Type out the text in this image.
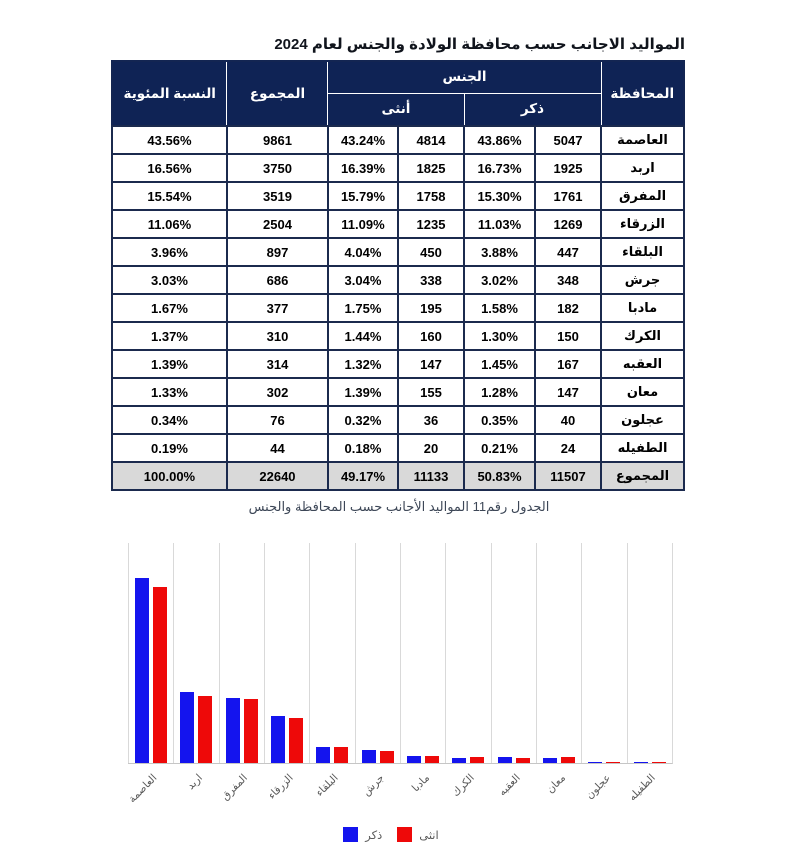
المواليد الاجانب حسب محافظة الولادة والجنس لعام 2024
المحافظة	الجنس				المجموع	النسبة المئوية
	ذكر		أنثى			
العاصمة	5047	43.86%	4814	43.24%	9861	43.56%
اربد	1925	16.73%	1825	16.39%	3750	16.56%
المفرق	1761	15.30%	1758	15.79%	3519	15.54%
الزرقاء	1269	11.03%	1235	11.09%	2504	11.06%
البلقاء	447	3.88%	450	4.04%	897	3.96%
جرش	348	3.02%	338	3.04%	686	3.03%
مادبا	182	1.58%	195	1.75%	377	1.67%
الكرك	150	1.30%	160	1.44%	310	1.37%
العقبه	167	1.45%	147	1.32%	314	1.39%
معان	147	1.28%	155	1.39%	302	1.33%
عجلون	40	0.35%	36	0.32%	76	0.34%
الطفيله	24	0.21%	20	0.18%	44	0.19%
المجموع	11507	50.83%	11133	49.17%	22640	100.00%
الجدول رقم11 المواليد الأجانب حسب المحافظة والجنس
العاصمة اربد المفرق الزرقاء البلقاء جرش مادبا الكرك العقبه معان عجلون الطفيله
ذكر	انثى
